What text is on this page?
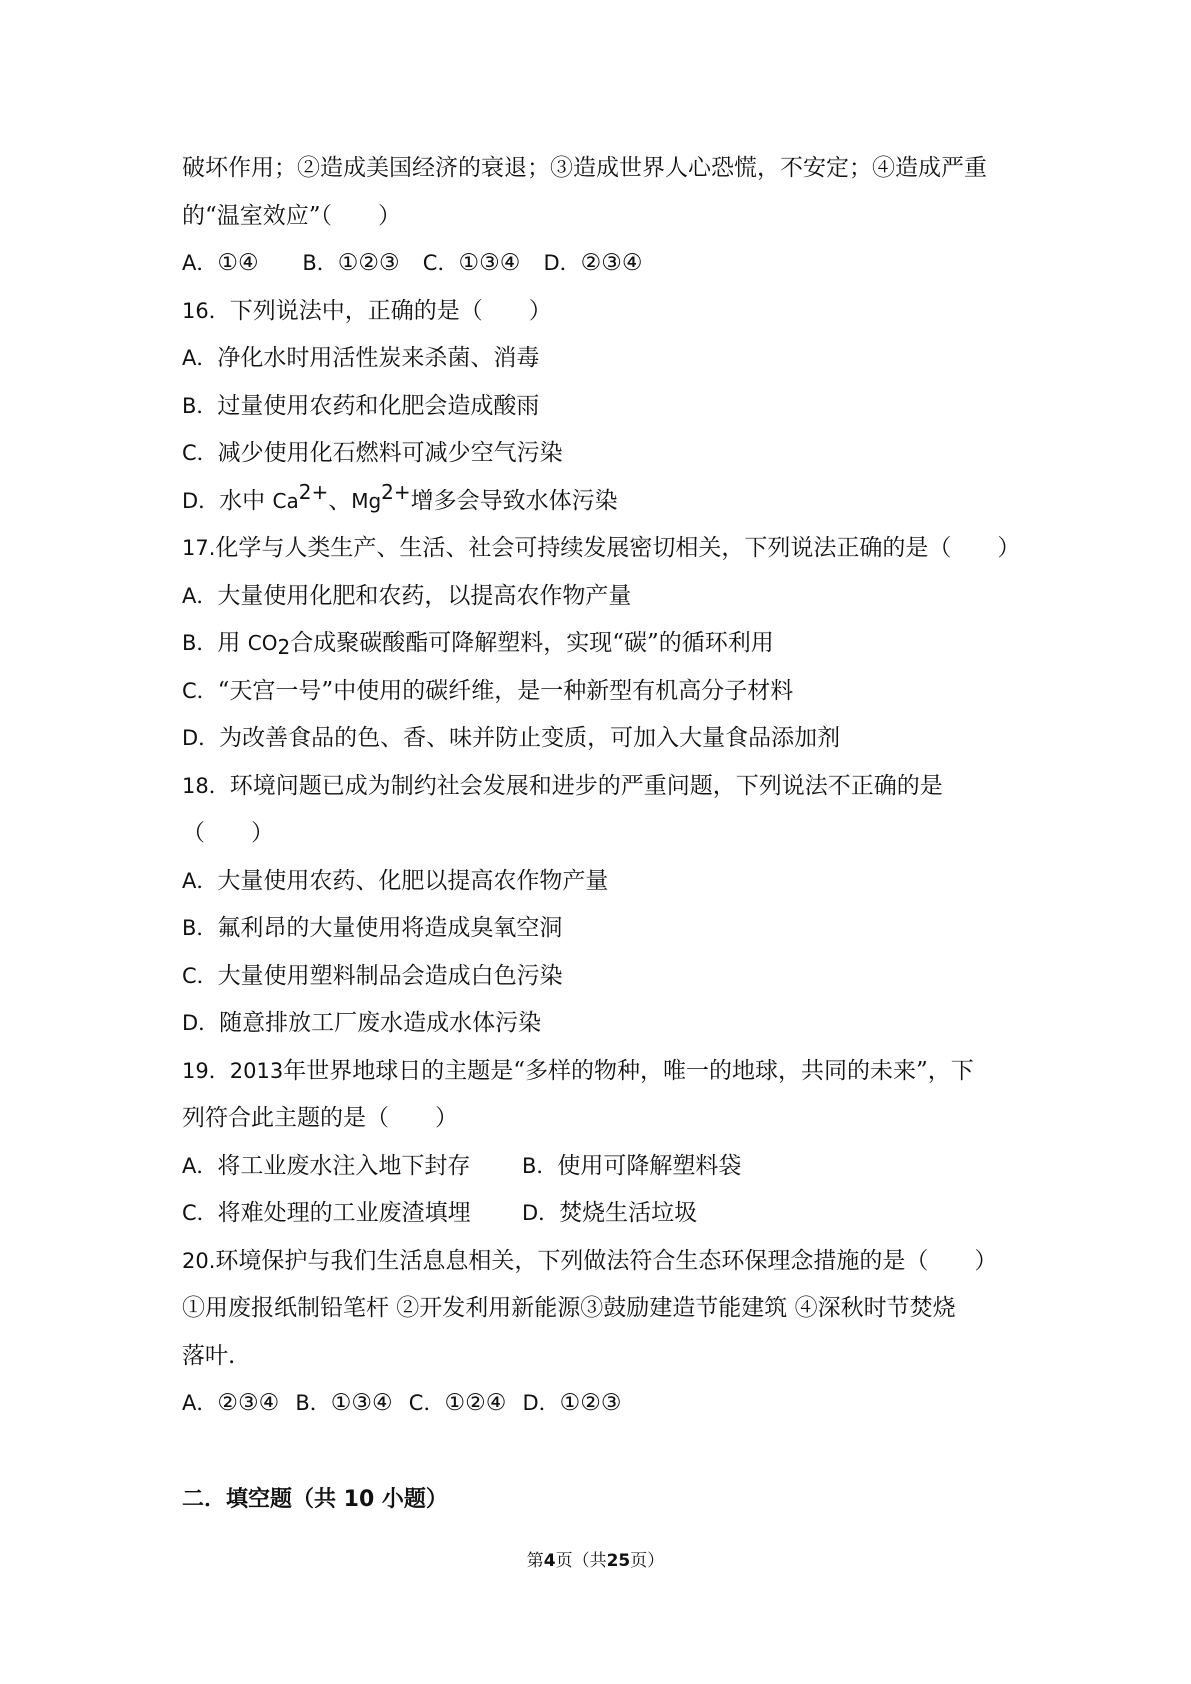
破坏作用；②造成美国经济的衰退；③造成世界人心恐慌，不安定；④造成严重
的“温室效应”（　　）
A．①④ B．①②③ C．①③④ D．②③④
16．下列说法中，正确的是（　　）
A．净化水时用活性炭来杀菌、消毒
B．过量使用农药和化肥会造成酸雨
C．减少使用化石燃料可减少空气污染
D．水中 $Ca^{2+}$、$Mg^{2+}$增多会导致水体污染
17.化学与人类生产、生活、社会可持续发展密切相关，下列说法正确的是（　　）
A．大量使用化肥和农药，以提高农作物产量
B．用 $CO_2$合成聚碳酸酯可降解塑料，实现“碳”的循环利用
C．“天宫一号”中使用的碳纤维，是一种新型有机高分子材料
D．为改善食品的色、香、味并防止变质，可加入大量食品添加剂
18．环境问题已成为制约社会发展和进步的严重问题，下列说法不正确的是
（　　）
A．大量使用农药、化肥以提高农作物产量
B．氟利昂的大量使用将造成臭氧空洞
C．大量使用塑料制品会造成白色污染
D．随意排放工厂废水造成水体污染
19．2013年世界地球日的主题是“多样的物种，唯一的地球，共同的未来”，下
列符合此主题的是（　　）
A．将工业废水注入地下封存 B．使用可降解塑料袋
C．将难处理的工业废渣填埋 D．焚烧生活垃圾
20.环境保护与我们生活息息相关，下列做法符合生态环保理念措施的是（　　）
①用废报纸制铅笔杆 ②开发利用新能源③鼓励建造节能建筑 ④深秋时节焚烧
落叶.
A．②③④ B．①③④ C．①②④ D．①②③
二．填空题（共 10 小题）
第4页（共25页）
